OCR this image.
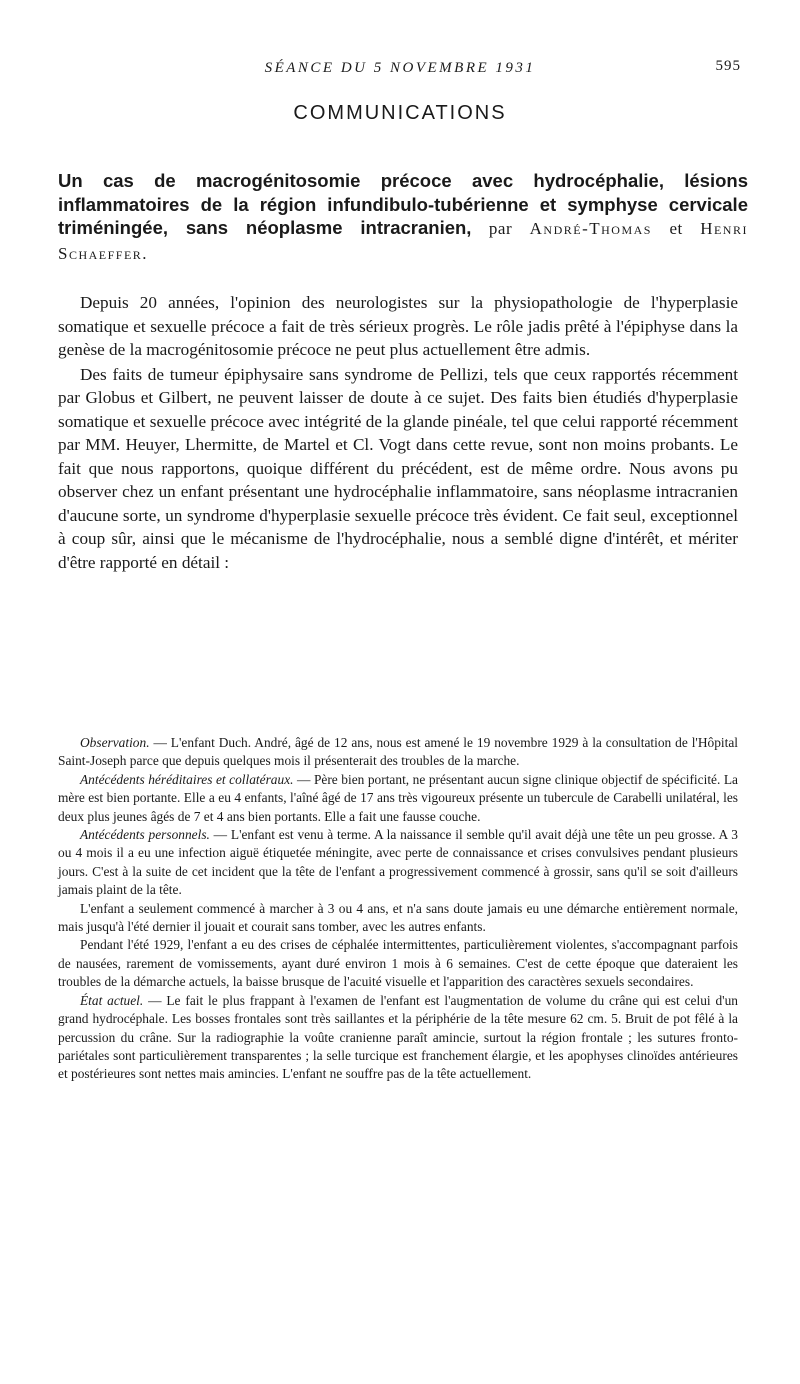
SÉANCE DU 5 NOVEMBRE 1931	595
COMMUNICATIONS
Un cas de macrogénitosomie précoce avec hydrocéphalie, lésions inflammatoires de la région infundibulo-tubérienne et symphyse cervicale triméningée, sans néoplasme intracranien, par André-Thomas et Henri Schaeffer.

Depuis 20 années, l'opinion des neurologistes sur la physiopathologie de l'hyperplasie somatique et sexuelle précoce a fait de très sérieux progrès. Le rôle jadis prêté à l'épiphyse dans la genèse de la macrogénitosomie précoce ne peut plus actuellement être admis.

Des faits de tumeur épiphysaire sans syndrome de Pellizi, tels que ceux rapportés récemment par Globus et Gilbert, ne peuvent laisser de doute à ce sujet. Des faits bien étudiés d'hyperplasie somatique et sexuelle précoce avec intégrité de la glande pinéale, tel que celui rapporté récemment par MM. Heuyer, Lhermitte, de Martel et Cl. Vogt dans cette revue, sont non moins probants. Le fait que nous rapportons, quoique différent du précédent, est de même ordre. Nous avons pu observer chez un enfant présentant une hydrocéphalie inflammatoire, sans néoplasme intracranien d'aucune sorte, un syndrome d'hyperplasie sexuelle précoce très évident. Ce fait seul, exceptionnel à coup sûr, ainsi que le mécanisme de l'hydrocéphalie, nous a semblé digne d'intérêt, et mériter d'être rapporté en détail :

Observation. — L'enfant Duch. André, âgé de 12 ans, nous est amené le 19 novembre 1929 à la consultation de l'Hôpital Saint-Joseph parce que depuis quelques mois il présenterait des troubles de la marche.

Antécédents héréditaires et collatéraux. — Père bien portant, ne présentant aucun signe clinique objectif de spécificité. La mère est bien portante. Elle a eu 4 enfants, l'aîné âgé de 17 ans très vigoureux présente un tubercule de Carabelli unilatéral, les deux plus jeunes âgés de 7 et 4 ans bien portants. Elle a fait une fausse couche.

Antécédents personnels. — L'enfant est venu à terme. A la naissance il semble qu'il avait déjà une tête un peu grosse. A 3 ou 4 mois il a eu une infection aiguë étiquetée méningite, avec perte de connaissance et crises convulsives pendant plusieurs jours. C'est à la suite de cet incident que la tête de l'enfant a progressivement commencé à grossir, sans qu'il se soit d'ailleurs jamais plaint de la tête.

L'enfant a seulement commencé à marcher à 3 ou 4 ans, et n'a sans doute jamais eu une démarche entièrement normale, mais jusqu'à l'été dernier il jouait et courait sans tomber, avec les autres enfants.

Pendant l'été 1929, l'enfant a eu des crises de céphalée intermittentes, particulièrement violentes, s'accompagnant parfois de nausées, rarement de vomissements, ayant duré environ 1 mois à 6 semaines. C'est de cette époque que dateraient les troubles de la démarche actuels, la baisse brusque de l'acuité visuelle et l'apparition des caractères sexuels secondaires.

État actuel. — Le fait le plus frappant à l'examen de l'enfant est l'augmentation de volume du crâne qui est celui d'un grand hydrocéphale. Les bosses frontales sont très saillantes et la périphérie de la tête mesure 62 cm. 5. Bruit de pot fêlé à la percussion du crâne. Sur la radiographie la voûte cranienne paraît amincie, surtout la région frontale ; les sutures fronto-pariétales sont particulièrement transparentes ; la selle turcique est franchement élargie, et les apophyses clinoïdes antérieures et postérieures sont nettes mais amincies. L'enfant ne souffre pas de la tête actuellement.
